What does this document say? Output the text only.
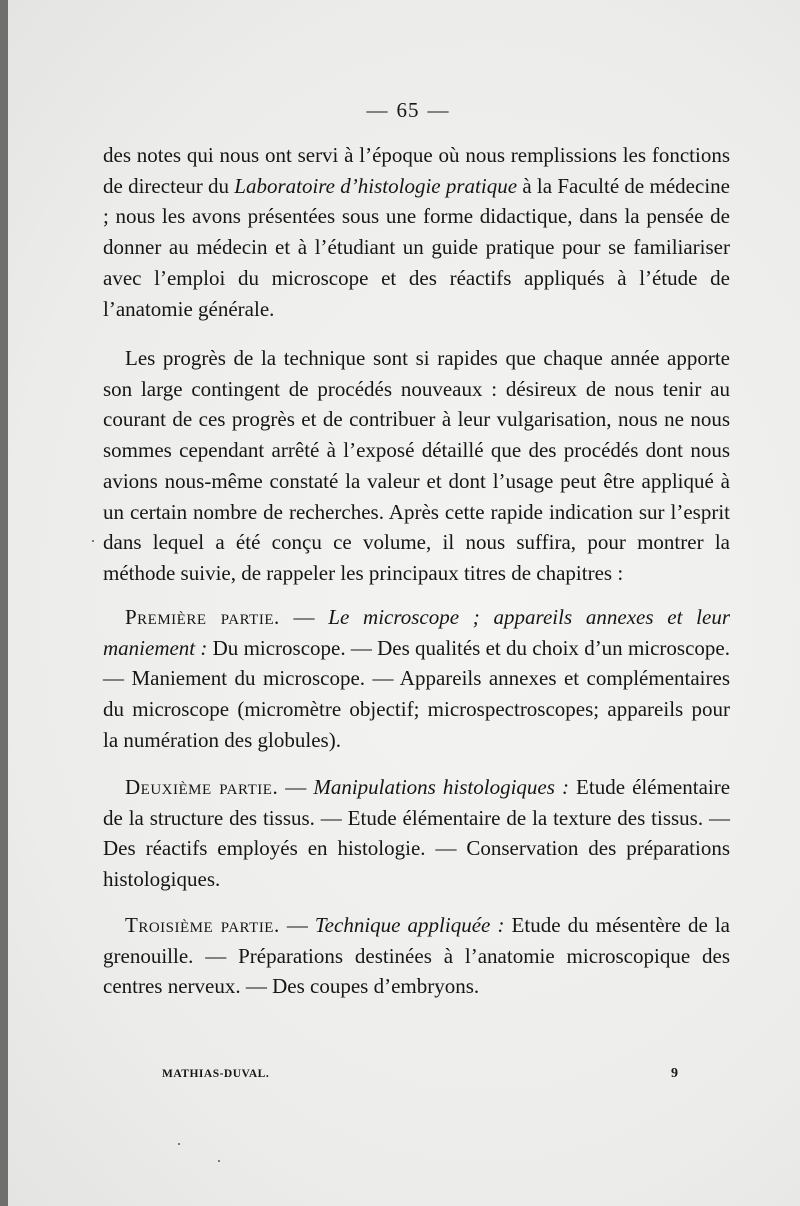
— 65 —

des notes qui nous ont servi à l’époque où nous remplissions les fonctions de directeur du Laboratoire d’histologie pratique à la Faculté de médecine ; nous les avons présentées sous une forme didactique, dans la pensée de donner au médecin et à l’étudiant un guide pratique pour se familiariser avec l’emploi du microscope et des réactifs appliqués à l’étude de l’anatomie générale.

Les progrès de la technique sont si rapides que chaque année apporte son large contingent de procédés nouveaux : désireux de nous tenir au courant de ces progrès et de contribuer à leur vulgarisation, nous ne nous sommes cependant arrêté à l’exposé détaillé que des procédés dont nous avions nous-même constaté la valeur et dont l’usage peut être appliqué à un certain nombre de recherches. Après cette rapide indication sur l’esprit dans lequel a été conçu ce volume, il nous suffira, pour montrer la méthode suivie, de rappeler les principaux titres de chapitres :

Première partie. — Le microscope ; appareils annexes et leur maniement : Du microscope. — Des qualités et du choix d’un microscope. — Maniement du microscope. — Appareils annexes et complémentaires du microscope (micromètre objectif; microspectroscopes; appareils pour la numération des globules).

Deuxième partie. — Manipulations histologiques : Etude élémentaire de la structure des tissus. — Etude élémentaire de la texture des tissus. — Des réactifs employés en histologie. — Conservation des préparations histologiques.

Troisième partie. — Technique appliquée : Etude du mésentère de la grenouille. — Préparations destinées à l’anatomie microscopique des centres nerveux. — Des coupes d’embryons.

MATHIAS-DUVAL.	9
